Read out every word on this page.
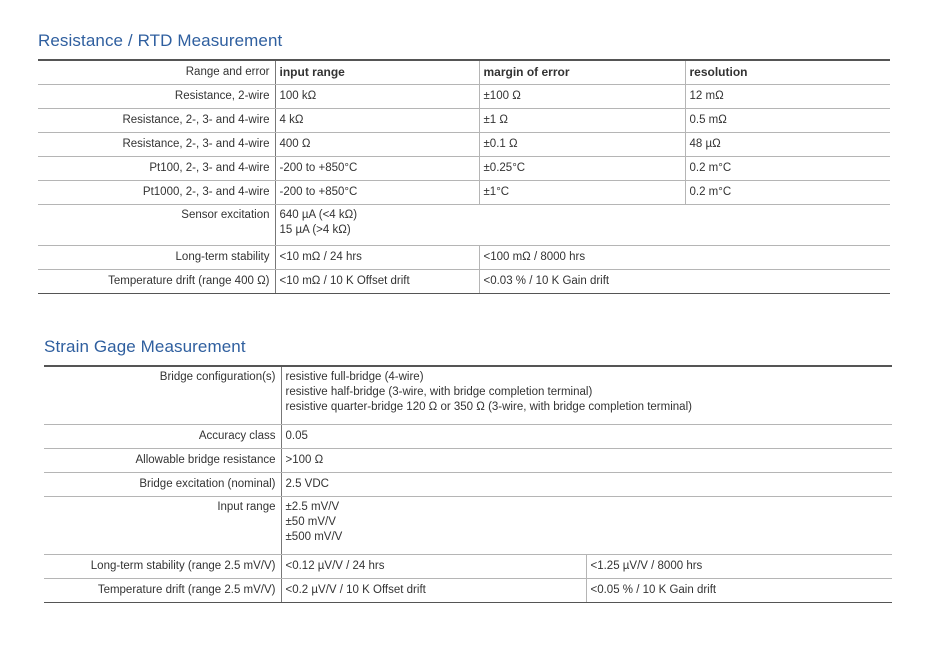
Resistance / RTD Measurement
Range and error	input range	margin of error	resolution
Resistance, 2-wire	100 kΩ	±100 Ω	12 mΩ
Resistance, 2-, 3- and 4-wire	4 kΩ	±1 Ω	0.5 mΩ
Resistance, 2-, 3- and 4-wire	400 Ω	±0.1 Ω	48 µΩ
Pt100, 2-, 3- and 4-wire	-200 to +850°C	±0.25°C	0.2 m°C
Pt1000, 2-, 3- and 4-wire	-200 to +850°C	±1°C	0.2 m°C
Sensor excitation	640 µA (<4 kΩ)
15 µA (>4 kΩ)		

Long-term stability	<10 mΩ / 24 hrs	<100 mΩ / 8000 hrs	
Temperature drift (range 400 Ω)	<10 mΩ / 10 K Offset drift	<0.03 % / 10 K Gain drift	
Strain Gage Measurement
Bridge configuration(s)	resistive full-bridge (4-wire)
resistive half-bridge (3-wire, with bridge completion terminal)
resistive quarter-bridge 120 Ω or 350 Ω (3-wire, with bridge completion terminal)	

Accuracy class	0.05	
Allowable bridge resistance	>100 Ω	
Bridge excitation (nominal)	2.5 VDC	
Input range	±2.5 mV/V
±50 mV/V
±500 mV/V	

Long-term stability (range 2.5 mV/V)	<0.12 µV/V / 24 hrs	<1.25 µV/V / 8000 hrs
Temperature drift (range 2.5 mV/V)	<0.2 µV/V / 10 K Offset drift	<0.05 % / 10 K Gain drift
